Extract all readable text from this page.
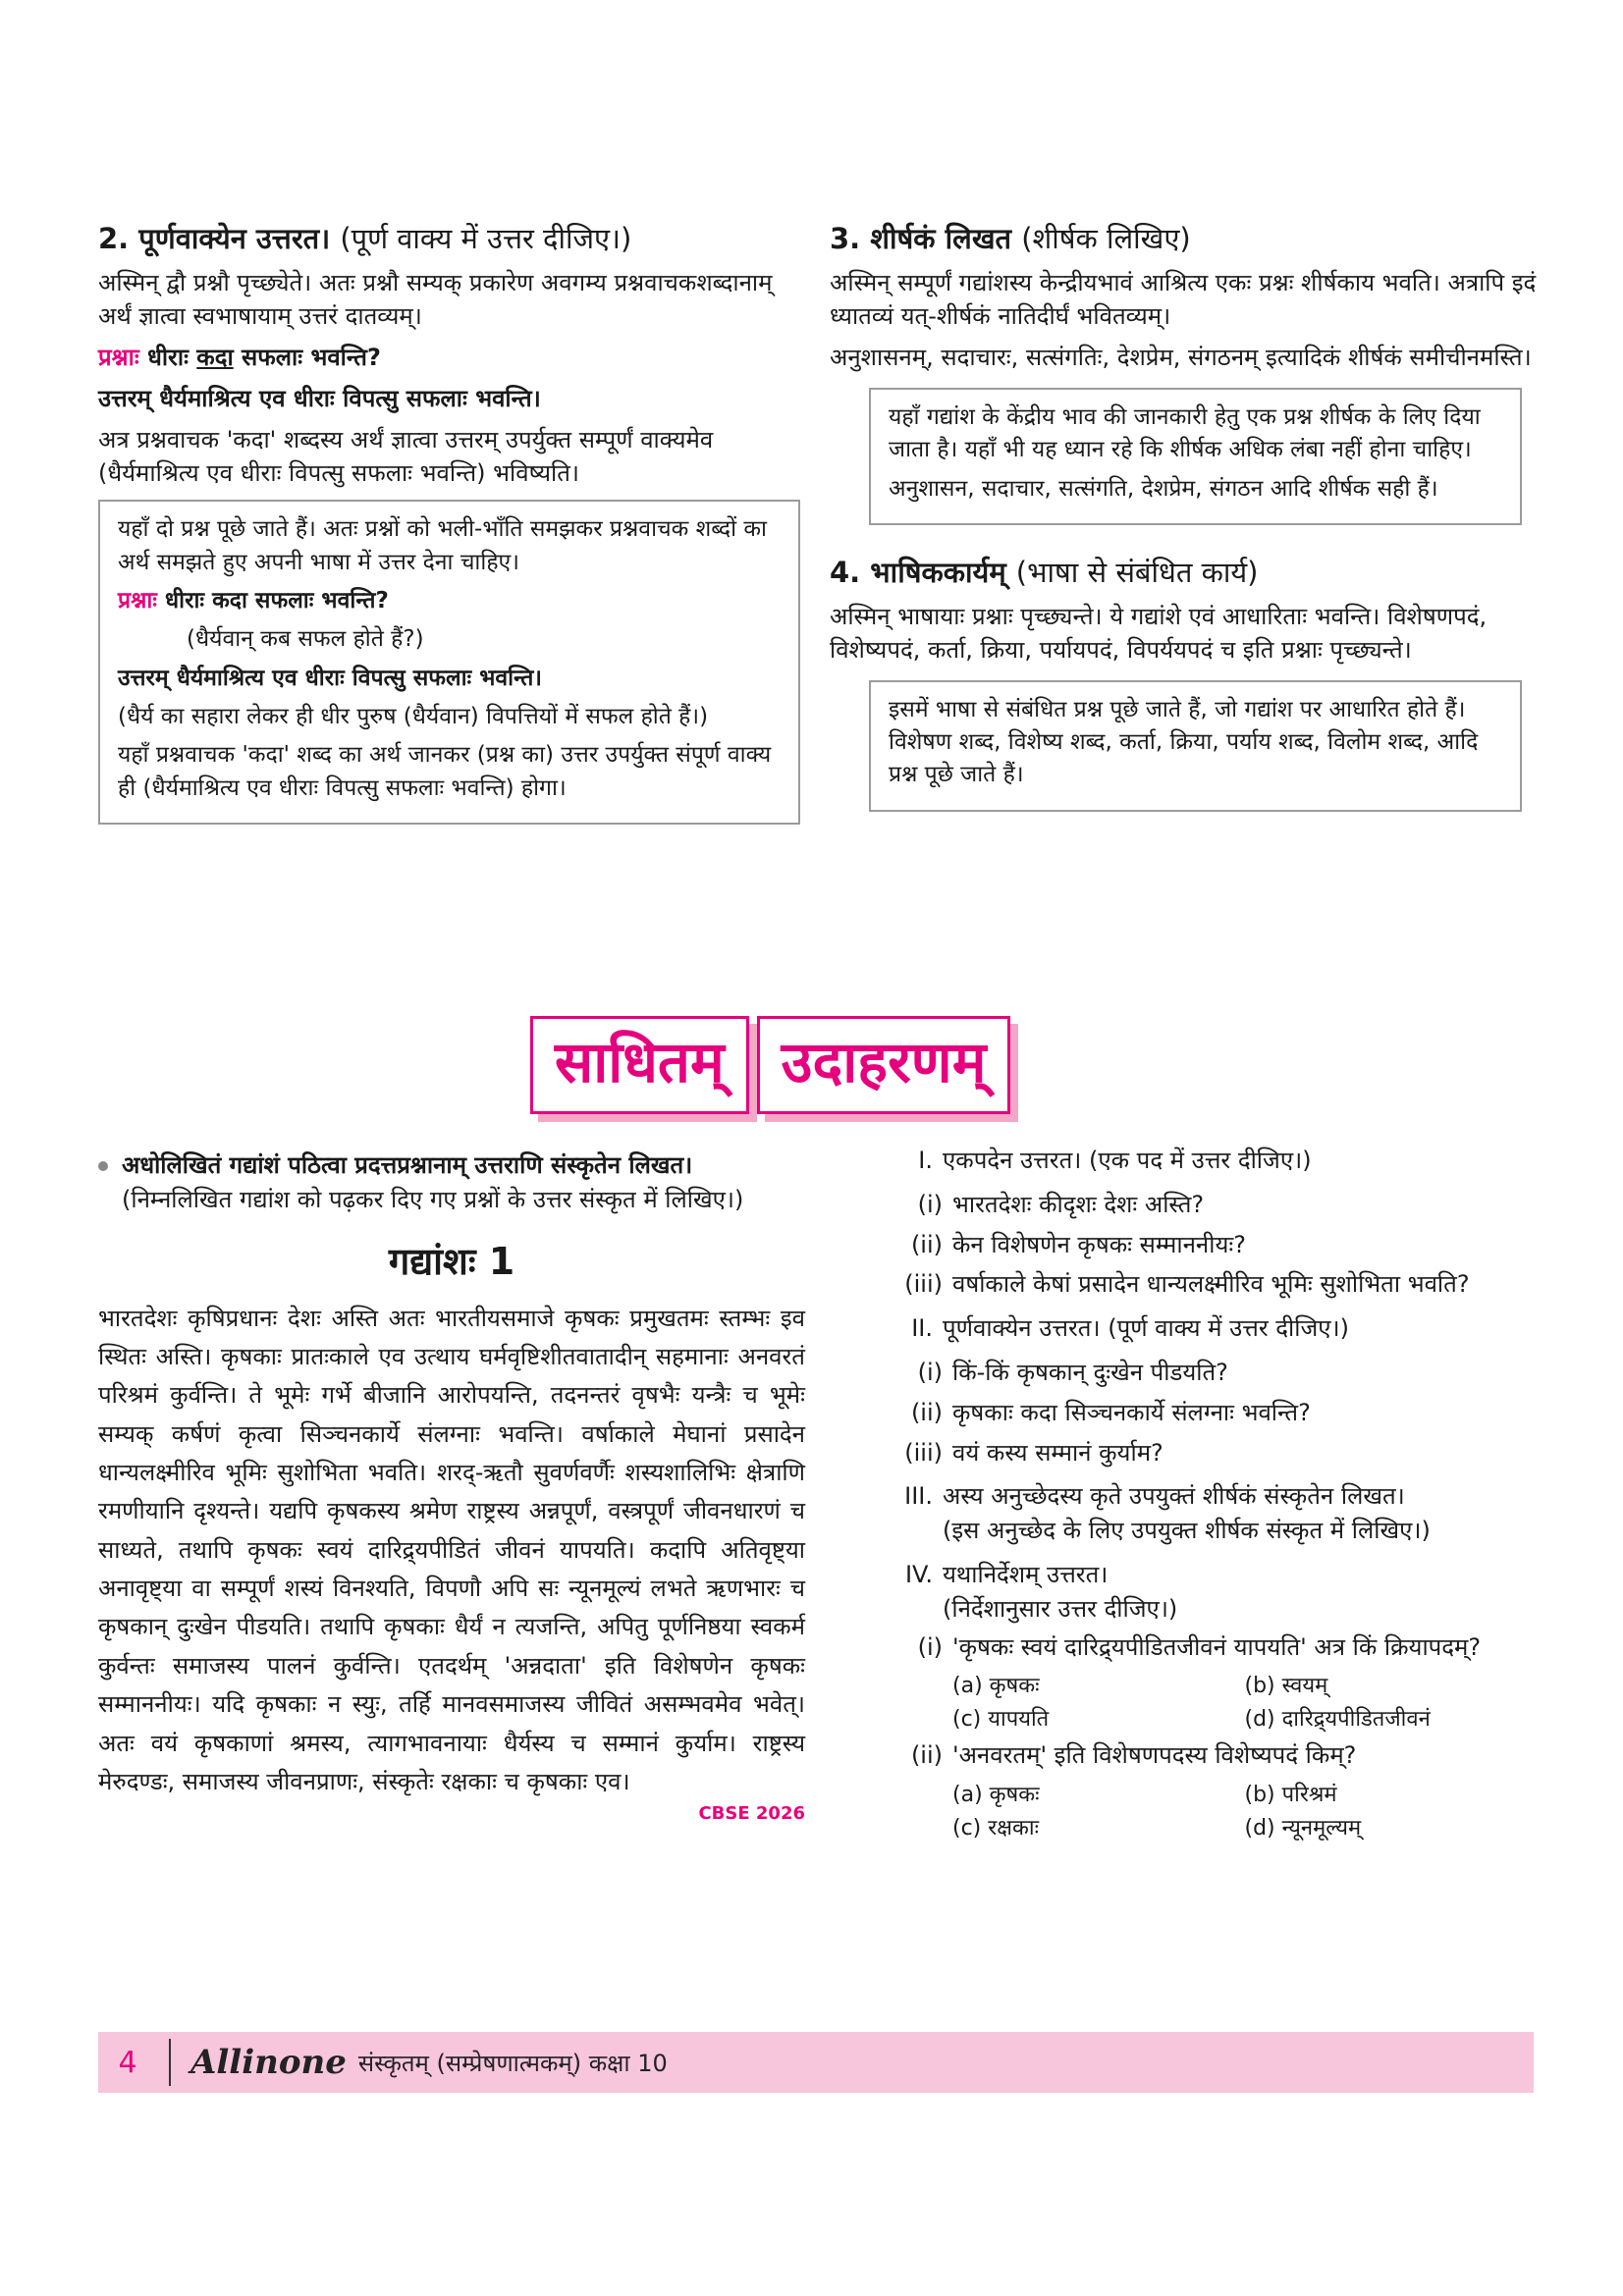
2. पूर्णवाक्येन उत्तरत। (पूर्ण वाक्य में उत्तर दीजिए।)

अस्मिन् द्वौ प्रश्नौ पृच्छ्येते। अतः प्रश्नौ सम्यक् प्रकारेण अवगम्य प्रश्नवाचकशब्दानाम् अर्थं ज्ञात्वा स्वभाषायाम् उत्तरं दातव्यम्।

प्रश्नाः धीराः कदा सफलाः भवन्ति?

उत्तरम् धैर्यमाश्रित्य एव धीराः विपत्सु सफलाः भवन्ति।

अत्र प्रश्नवाचक 'कदा' शब्दस्य अर्थं ज्ञात्वा उत्तरम् उपर्युक्त सम्पूर्णं वाक्यमेव (धैर्यमाश्रित्य एव धीराः विपत्सु सफलाः भवन्ति) भविष्यति।

यहाँ दो प्रश्न पूछे जाते हैं। अतः प्रश्नों को भली-भाँति समझकर प्रश्नवाचक शब्दों का अर्थ समझते हुए अपनी भाषा में उत्तर देना चाहिए।

प्रश्नाः धीराः कदा सफलाः भवन्ति?

(धैर्यवान् कब सफल होते हैं?)

उत्तरम् धैर्यमाश्रित्य एव धीराः विपत्सु सफलाः भवन्ति।

(धैर्य का सहारा लेकर ही धीर पुरुष (धैर्यवान) विपत्तियों में सफल होते हैं।)

यहाँ प्रश्नवाचक 'कदा' शब्द का अर्थ जानकर (प्रश्न का) उत्तर उपर्युक्त संपूर्ण वाक्य ही (धैर्यमाश्रित्य एव धीराः विपत्सु सफलाः भवन्ति) होगा।

3. शीर्षकं लिखत (शीर्षक लिखिए)

अस्मिन् सम्पूर्णं गद्यांशस्य केन्द्रीयभावं आश्रित्य एकः प्रश्नः शीर्षकाय भवति। अत्रापि इदं ध्यातव्यं यत्-शीर्षकं नातिदीर्घं भवितव्यम्।

अनुशासनम्, सदाचारः, सत्संगतिः, देशप्रेम, संगठनम् इत्यादिकं शीर्षकं समीचीनमस्ति।

यहाँ गद्यांश के केंद्रीय भाव की जानकारी हेतु एक प्रश्न शीर्षक के लिए दिया जाता है। यहाँ भी यह ध्यान रहे कि शीर्षक अधिक लंबा नहीं होना चाहिए।

अनुशासन, सदाचार, सत्संगति, देशप्रेम, संगठन आदि शीर्षक सही हैं।

4. भाषिककार्यम् (भाषा से संबंधित कार्य)

अस्मिन् भाषायाः प्रश्नाः पृच्छ्यन्ते। ये गद्यांशे एवं आधारिताः भवन्ति। विशेषणपदं, विशेष्यपदं, कर्ता, क्रिया, पर्यायपदं, विपर्ययपदं च इति प्रश्नाः पृच्छ्यन्ते।

इसमें भाषा से संबंधित प्रश्न पूछे जाते हैं, जो गद्यांश पर आधारित होते हैं। विशेषण शब्द, विशेष्य शब्द, कर्ता, क्रिया, पर्याय शब्द, विलोम शब्द, आदि प्रश्न पूछे जाते हैं।

साधितम्	उदाहरणम्

अधोलिखितं गद्यांशं पठित्वा प्रदत्तप्रश्नानाम् उत्तराणि संस्कृतेन लिखत।

(निम्नलिखित गद्यांश को पढ़कर दिए गए प्रश्नों के उत्तर संस्कृत में लिखिए।)

गद्यांशः 1

भारतदेशः कृषिप्रधानः देशः अस्ति अतः भारतीयसमाजे कृषकः प्रमुखतमः स्तम्भः इव स्थितः अस्ति। कृषकाः प्रातःकाले एव उत्थाय घर्मवृष्टिशीतवातादीन् सहमानाः अनवरतं परिश्रमं कुर्वन्ति। ते भूमेः गर्भे बीजानि आरोपयन्ति, तदनन्तरं वृषभैः यन्त्रैः च भूमेः सम्यक् कर्षणं कृत्वा सिञ्चनकार्ये संलग्नाः भवन्ति। वर्षाकाले मेघानां प्रसादेन धान्यलक्ष्मीरिव भूमिः सुशोभिता भवति। शरद्-ऋतौ सुवर्णवर्णैः शस्यशालिभिः क्षेत्राणि रमणीयानि दृश्यन्ते। यद्यपि कृषकस्य श्रमेण राष्ट्रस्य अन्नपूर्णं, वस्त्रपूर्णं जीवनधारणं च साध्यते, तथापि कृषकः स्वयं दारिद्र्यपीडितं जीवनं यापयति। कदापि अतिवृष्ट्या अनावृष्ट्या वा सम्पूर्णं शस्यं विनश्यति, विपणौ अपि सः न्यूनमूल्यं लभते ऋणभारः च कृषकान् दुःखेन पीडयति। तथापि कृषकाः धैर्यं न त्यजन्ति, अपितु पूर्णनिष्ठया स्वकर्म कुर्वन्तः समाजस्य पालनं कुर्वन्ति। एतदर्थम् 'अन्नदाता' इति विशेषणेन कृषकः सम्माननीयः। यदि कृषकाः न स्युः, तर्हि मानवसमाजस्य जीवितं असम्भवमेव भवेत्। अतः वयं कृषकाणां श्रमस्य, त्यागभावनायाः धैर्यस्य च सम्मानं कुर्याम। राष्ट्रस्य मेरुदण्डः, समाजस्य जीवनप्राणः, संस्कृतेः रक्षकाः च कृषकाः एव।

CBSE 2026
I. एकपदेन उत्तरत। (एक पद में उत्तर दीजिए।)
(i) भारतदेशः कीदृशः देशः अस्ति?
(ii) केन विशेषणेन कृषकः सम्माननीयः?
(iii) वर्षाकाले केषां प्रसादेन धान्यलक्ष्मीरिव भूमिः सुशोभिता भवति?
II. पूर्णवाक्येन उत्तरत। (पूर्ण वाक्य में उत्तर दीजिए।)
(i) किं-किं कृषकान् दुःखेन पीडयति?
(ii) कृषकाः कदा सिञ्चनकार्ये संलग्नाः भवन्ति?
(iii) वयं कस्य सम्मानं कुर्याम?
III. अस्य अनुच्छेदस्य कृते उपयुक्तं शीर्षकं संस्कृतेन लिखत।
(इस अनुच्छेद के लिए उपयुक्त शीर्षक संस्कृत में लिखिए।)
IV. यथानिर्देशम् उत्तरत।
(निर्देशानुसार उत्तर दीजिए।)
(i) 'कृषकः स्वयं दारिद्र्यपीडितजीवनं यापयति' अत्र किं क्रियापदम्?
(a) कृषकः	(b) स्वयम्
(c) यापयति	(d) दारिद्र्यपीडितजीवनं
(ii) 'अनवरतम्' इति विशेषणपदस्य विशेष्यपदं किम्?
(a) कृषकः	(b) परिश्रमं
(c) रक्षकाः	(d) न्यूनमूल्यम्
4	Allinone संस्कृतम् (सम्प्रेषणात्मकम्) कक्षा 10
